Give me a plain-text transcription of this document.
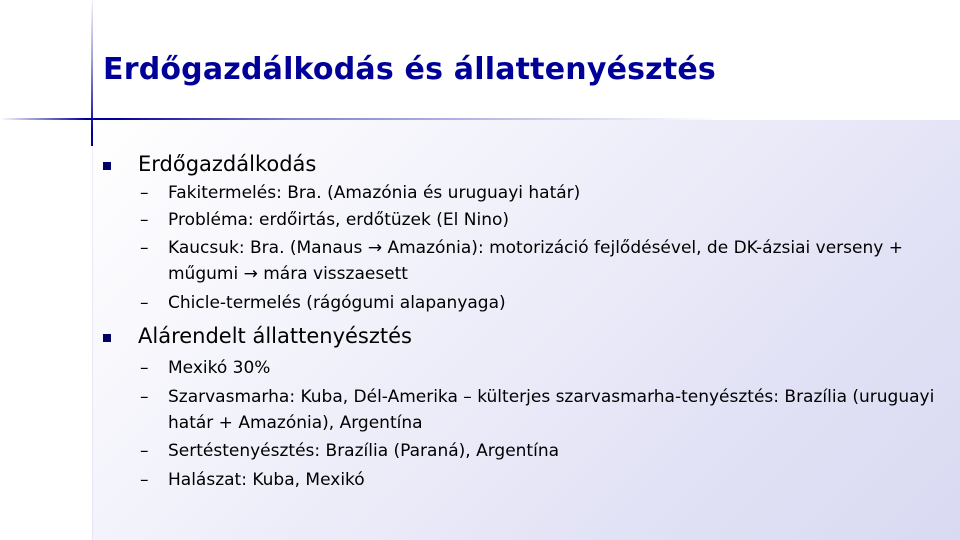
Erdőgazdálkodás és állattenyésztés
Erdőgazdálkodás
– Fakitermelés: Bra. (Amazónia és uruguayi határ)
– Probléma: erdőirtás, erdőtüzek (El Nino)
– Kaucsuk: Bra. (Manaus → Amazónia): motorizáció fejlődésével, de DK-ázsiai verseny + műgumi → mára visszaesett
– Chicle-termelés (rágógumi alapanyaga)
Alárendelt állattenyésztés
– Mexikó 30%
– Szarvasmarha: Kuba, Dél-Amerika – külterjes szarvasmarha-tenyésztés: Brazília (uruguayi határ + Amazónia), Argentína
– Sertéstenyésztés: Brazília (Paraná), Argentína
– Halászat: Kuba, Mexikó
